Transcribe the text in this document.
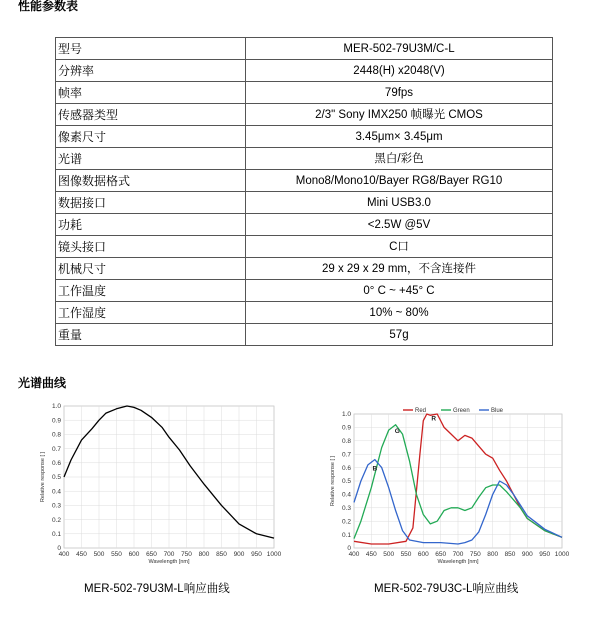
性能参数表
型号	MER-502-79U3M/C-L
分辨率	2448(H) x2048(V)
帧率	79fps
传感器类型	2/3" Sony IMX250 帧曝光 CMOS
像素尺寸	3.45μm× 3.45μm
光谱	黑白/彩色
图像数据格式	Mono8/Mono10/Bayer RG8/Bayer RG10
数据接口	Mini USB3.0
功耗	<2.5W @5V
镜头接口	C口
机械尺寸	29 x 29 x 29 mm，不含连接件
工作温度	0° C ~ +45° C
工作湿度	10% ~ 80%
重量	57g
光谱曲线
400 450 500 550 600 650 700 750 800 850 900 950 1000
0
0.1
0.2
0.3
0.4
0.5
0.6
0.7
0.8
0.9
1.0
Wavelength [nm]
Relative response [ ]
MER-502-79U3M-L响应曲线
400 450 500 550 600 650 700 750 800 850 900 950 1000
0
0.1
0.2
0.3
0.4
0.5
0.6
0.7
0.8
0.9
1.0
Wavelength [nm]
Relative response [ ]
Red	Green	Blue
R
G
B
MER-502-79U3C-L响应曲线
